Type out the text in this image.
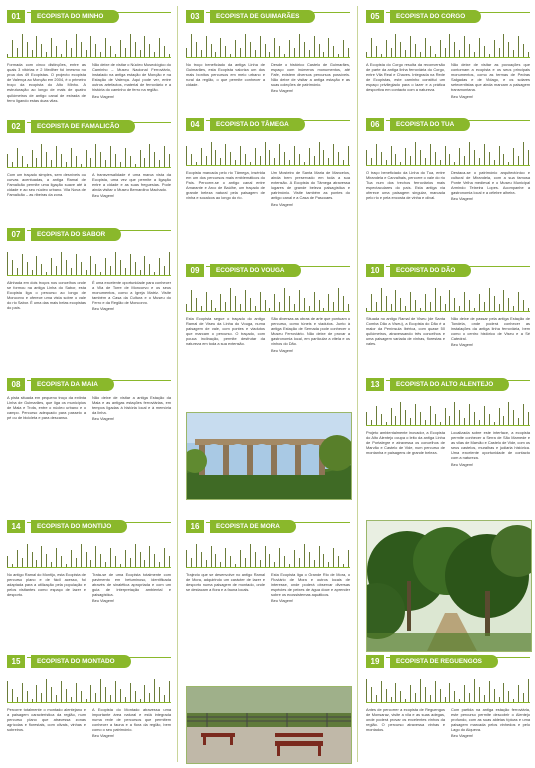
01	ECOPISTA DO MINHO
Formada com cinco distinções, entre as quais 3 vitórias e 2 Medlher foi ímesmo no proa dos 49 Ecopistas. O projecto ecopista de Valença ao Monção em 2004, é o primeiro troço da ecopista do Alto Minho. A estruturação ao longo de mais de quatro quilómetros de antigo canal de estrada de ferro ligando estas duas vilas.
Não deixe de visitar o Núcleo Museológico do Caminho – Museu Nacional Ferroviário, instalado na antiga estação de Monção e na Estação de Valença. Aqui pode ver, entre outros artefactos, material de ferroviário e a história do caminho de ferro na região.
Beu Viagem!
02	ECOPISTA DE FAMALICÃO
Com um traçado simples, sem desníveis ou curvas acentuadas, a antiga Ramal de Famalicão permite uma ligação suave até à cidade e ao seu núcleo urbano. Vila Nova de Famalicão – as ribeiras da zona.
A transversalidade é uma marca vista da Ecopista, uma vez que permite a ligação entre a cidade e as suas freguesias. Pode ainda visitar o Museu Bernardino Machado.
Beu Viagem!
07	ECOPISTA DO SABOR
Alinhada em dois troços nos concelhos onde se formou na antiga Linha do Sabor, esta Ecopista liga o percurso ao longo de Moncorvo e oferece uma vista sobre o vale do rio Sabor. É uma das mais belas ecopistas do país.
É uma excelente oportunidade para conhecer a Vila de Torre de Moncorvo e os seus monumentos, como a Igreja Matriz. Visite também a Casa da Cultura e o Museu do Ferro e da Região de Moncorvo.
Beu Viagem!
08	ECOPISTA DA MAIA
A pista situada em pequeno troço da extinta Linha de Guimarães, que liga os municípios de Maia e Trofa, entre o núcleo urbano e o campo. Percurso adequado para passeio a pé ou de bicicleta e para descanso.
Não deixe de visitar a antiga Estação da Maia e as antigas estações ferroviárias, em tempos ligadas à história local e à memória da linha.
Beu Viagem!
14	ECOPISTA DO MONTIJO
No antigo Ramal do Montijo, esta Ecopista de percurso plano e de fácil acesso, foi adaptada para a utilização pela população e pelos visitantes como espaço de lazer e desporto.
Trata-se de uma Ecopista totalmente com pavimento em betuminoso, identificada através de sinalética apropriada e com um guia de interpretação ambiental e paisagística.
Beu Viagem!
15	ECOPISTA DO MONTADO
Percorre totalmente o montado alentejano e a paisagem característica da região, num percurso plano que atravessa zonas agrícolas e florestais, com olivais, vinhas e sobreiros.
A Ecopista do Montado atravessa uma importante área natural e está integrada numa rede de percursos que permitem conhecer a fauna e a flora da região, bem como o seu património.
Beu Viagem!
03	ECOPISTA DE GUIMARÃES
No troço beneficiado da antiga Linha de Guimarães, esta Ecopista valoriza um dos mais bonitos percursos em meio urbano e rural da região, o que permite conhecer a cidade.
Desde o histórico Castelo de Guimarães, espaço com inúmeros monumentos, até Fafe, existem diversos percursos possíveis. Não deixe de visitar a antiga estação e as suas coleções de património.
Beu Viagem!
04	ECOPISTA DO TÂMEGA
Ecopista marcada pelo rio Tâmega, insérida em um dos percursos mais emblemáticos do País. Percorre-se o antigo canal entre Amarante e Arco de Baúlhe, um traçado de grande beleza natural pela paisagem de vinha e socalcos ao longo do rio.
Um Mosteiro de Santa Maria de Mancelos, ainda bem preservado em toda a sua extensão. A Ecopista do Tâmega atravessa lugares de grande beleza paisagística e património. Visite também as pontes do antigo canal e a Casa de Pascoaes.
Beu Viagem!
09	ECOPISTA DO VOUGA
Esta Ecopista segue o traçado do antigo Ramal de Viseu da Linha do Vouga, numa paisagem de vale, com pontes e viadutos que marcam o percurso. O traçado, com pouca inclinação, permite desfrutar da natureza em toda a sua extensão.
São diversas as obras de arte que pontuam o percurso, como túneis e viadutos. Junto à antiga Estação de Sernada pode conhecer o Museu Ferroviário. Não deixe de provar a gastronomia local, em particular a vitela e os vinhos do Dão.
Beu Viagem!
16	ECOPISTA DE MORA
Trajecto que se desenvolve no antigo Ramal de Mora, adquirindo um carácter de lazer e desporto numa paisagem de montado, onde se destacam a flora e a fauna locais.
Esta Ecopista liga o Grande Rio de Mora, o Fluviário de Mora e outros locais de interesse, onde poderá observar diversas espécies de peixes de água doce e aprender sobre os ecossistemas aquáticos.
Beu Viagem!
05	ECOPISTA DO CORGO
A Ecopista do Corgo resulta da reconversão de parte da antiga linha ferroviária do Corgo, entre Vila Real e Chaves. Integrada na Rede de Ecopistas, este caminho constitui um espaço privilegiado para o lazer e a prática desportiva em contacto com a natureza.
Não deixe de visitar as povoações que contornam a ecopista e os seus principais monumentos, como as termas de Pedras Salgadas e de Vidago, e os solares setecentistas que ainda marcam a paisagem transmontana.
Beu Viagem!
06	ECOPISTA DO TUA
O traço beneficiado da Linha do Tua, entre Mirandela e Carvalhais, percorre o vale do rio Tua num dos trechos ferroviários mais espectaculares do país. Esta antiga via oferece uma paisagem singular, marcada pelo rio e pela encosta de vinha e olival.
Destaca-se o património arquitectónico e cultural de Mirandela, com a sua famosa Ponte Velha medieval e o Museu Municipal Armindo Teixeira Lopes. Acompanhe a gastronomia local e a célebre alheira.
Beu Viagem!
10	ECOPISTA DO DÃO
Situada no antigo Ramal de Viseu (de Santa Comba Dão a Viseu), a Ecopista do Dão é a maior da Península Ibérica, com quase 50 quilómetros, atravessando três concelhos e uma paisagem variada de vinhas, florestas e vales.
Não deixe de passar pela antiga Estação de Tondela, onde poderá conhecer as instalações da antiga linha ferroviária, bem como o centro histórico de Viseu e a Sé Catedral.
Beu Viagem!
13	ECOPISTA DO ALTO ALENTEJO
Projeto ambientalmente inovador, a Ecopista do Alto Alentejo ocupa o leito da antiga Linha de Portalegre e atravessa os concelhos de Marvão e Castelo de Vide, num percurso de montanha e paisagens de grande beleza.
Localizada sobre este interface, a ecopista permite conhecer a Serra de São Mamede e as vilas de Marvão e Castelo de Vide, com os seus castelos, muralhas e judiaria histórica. Uma excelente oportunidade de contacto com a natureza.
Beu Viagem!
19	ECOPISTA DE REGUENGOS
Antes de percorrer a ecopista de Reguengos de Monsaraz, visite a vila e as suas adegas, onde poderá provar os excelentes vinhos da região. O percurso atravessa vinhas e montados.
Com partida na antiga estação ferroviária, este percurso permite descobrir o Alentejo profundo, com as suas aldeias típicas e uma paisagem marcada pelos vinhedos e pelo Lago do Alqueva.
Beu Viagem!
